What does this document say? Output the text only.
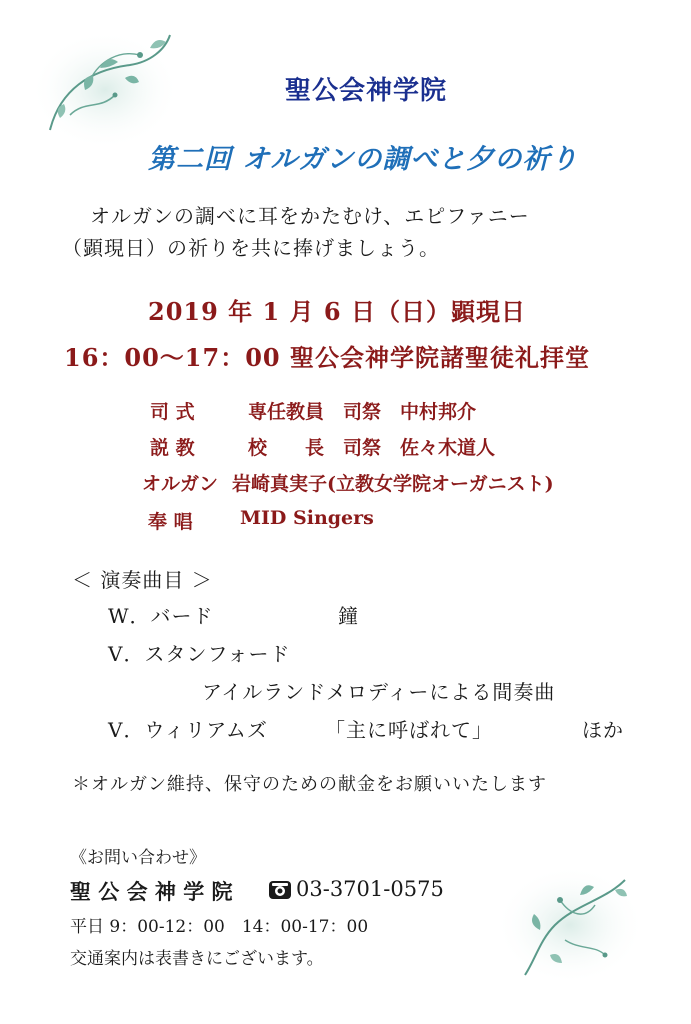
聖公会神学院
第二回 オルガンの調べと夕の祈り
オルガンの調べに耳をかたむけ、エピファニー
（顕現日）の祈りを共に捧げましょう。
2019 年 1 月 6 日（日）顕現日
16：00～17：00 聖公会神学院諸聖徒礼拝堂
司 式	専任教員　司祭　中村邦介
説 教	校　　長　司祭　佐々木道人
オルガン 岩崎真実子(立教女学院オーガニスト)
奉 唱 MID Singers
＜ 演奏曲目 ＞
W．バード	鐘
V．スタンフォード
アイルランドメロディーによる間奏曲
V．ウィリアムズ	「主に呼ばれて」	ほか
＊オルガン維持、保守のための献金をお願いいたします
《お問い合わせ》
聖 公 会 神 学 院	03-3701-0575
平日 9：00-12：00　14：00-17：00
交通案内は表書きにございます。
